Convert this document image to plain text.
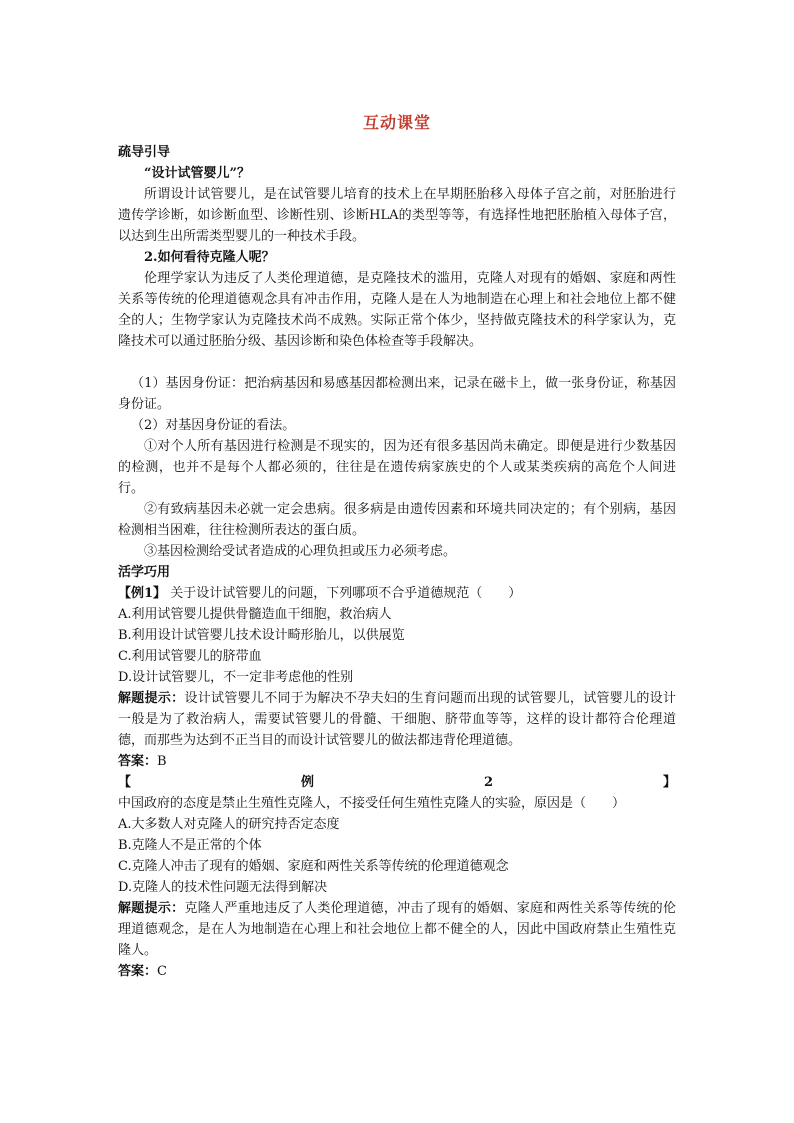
互动课堂

疏导引导

“设计试管婴儿”？

所谓设计试管婴儿，是在试管婴儿培育的技术上在早期胚胎移入母体子宫之前，对胚胎进行遗传学诊断，如诊断血型、诊断性别、诊断HLA的类型等等，有选择性地把胚胎植入母体子宫，以达到生出所需类型婴儿的一种技术手段。

2.如何看待克隆人呢？

伦理学家认为违反了人类伦理道德，是克隆技术的滥用，克隆人对现有的婚姻、家庭和两性关系等传统的伦理道德观念具有冲击作用，克隆人是在人为地制造在心理上和社会地位上都不健全的人；生物学家认为克隆技术尚不成熟。实际正常个体少，坚持做克隆技术的科学家认为，克隆技术可以通过胚胎分级、基因诊断和染色体检查等手段解决。

（1）基因身份证：把治病基因和易感基因都检测出来，记录在磁卡上，做一张身份证，称基因身份证。

（2）对基因身份证的看法。

①对个人所有基因进行检测是不现实的，因为还有很多基因尚未确定。即便是进行少数基因的检测，也并不是每个人都必须的，往往是在遗传病家族史的个人或某类疾病的高危个人间进行。

②有致病基因未必就一定会患病。很多病是由遗传因素和环境共同决定的；有个别病，基因检测相当困难，往往检测所表达的蛋白质。

③基因检测给受试者造成的心理负担或压力必须考虑。

活学巧用

【例1】 关于设计试管婴儿的问题，下列哪项不合乎道德规范（　　）

A.利用试管婴儿提供骨髓造血干细胞，救治病人

B.利用设计试管婴儿技术设计畸形胎儿，以供展览

C.利用试管婴儿的脐带血

D.设计试管婴儿，不一定非考虑他的性别

解题提示：设计试管婴儿不同于为解决不孕夫妇的生育问题而出现的试管婴儿，试管婴儿的设计一般是为了救治病人，需要试管婴儿的骨髓、干细胞、脐带血等等，这样的设计都符合伦理道德，而那些为达到不正当目的而设计试管婴儿的做法都违背伦理道德。

答案：B

【	例	2	】

中国政府的态度是禁止生殖性克隆人，不接受任何生殖性克隆人的实验，原因是（　　）

A.大多数人对克隆人的研究持否定态度

B.克隆人不是正常的个体

C.克隆人冲击了现有的婚姻、家庭和两性关系等传统的伦理道德观念

D.克隆人的技术性问题无法得到解决

解题提示：克隆人严重地违反了人类伦理道德，冲击了现有的婚姻、家庭和两性关系等传统的伦理道德观念，是在人为地制造在心理上和社会地位上都不健全的人，因此中国政府禁止生殖性克隆人。

答案：C
